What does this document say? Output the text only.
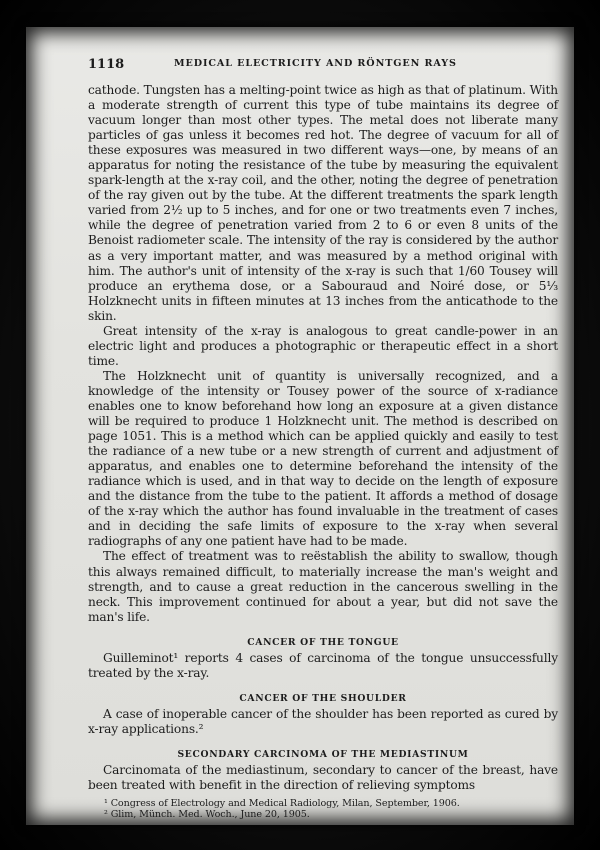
1118	MEDICAL ELECTRICITY AND RÖNTGEN RAYS

cathode. Tungsten has a melting-point twice as high as that of platinum. With a moderate strength of current this type of tube maintains its degree of vacuum longer than most other types. The metal does not liberate many particles of gas unless it becomes red hot. The degree of vacuum for all of these exposures was measured in two different ways—one, by means of an apparatus for noting the resistance of the tube by measuring the equivalent spark-length at the x-ray coil, and the other, noting the degree of penetration of the ray given out by the tube. At the different treatments the spark length varied from 2½ up to 5 inches, and for one or two treatments even 7 inches, while the degree of penetration varied from 2 to 6 or even 8 units of the Benoist radiometer scale. The intensity of the ray is considered by the author as a very important matter, and was measured by a method original with him. The author's unit of intensity of the x-ray is such that 1/60 Tousey will produce an erythema dose, or a Sabouraud and Noiré dose, or 5⅓ Holzknecht units in fifteen minutes at 13 inches from the anticathode to the skin.

Great intensity of the x-ray is analogous to great candle-power in an electric light and produces a photographic or therapeutic effect in a short time.

The Holzknecht unit of quantity is universally recognized, and a knowledge of the intensity or Tousey power of the source of x-radiance enables one to know beforehand how long an exposure at a given distance will be required to produce 1 Holzknecht unit. The method is described on page 1051. This is a method which can be applied quickly and easily to test the radiance of a new tube or a new strength of current and adjustment of apparatus, and enables one to determine beforehand the intensity of the radiance which is used, and in that way to decide on the length of exposure and the distance from the tube to the patient. It affords a method of dosage of the x-ray which the author has found invaluable in the treatment of cases and in deciding the safe limits of exposure to the x-ray when several radiographs of any one patient have had to be made.

The effect of treatment was to reëstablish the ability to swallow, though this always remained difficult, to materially increase the man's weight and strength, and to cause a great reduction in the cancerous swelling in the neck. This improvement continued for about a year, but did not save the man's life.

CANCER OF THE TONGUE

Guilleminot¹ reports 4 cases of carcinoma of the tongue unsuccessfully treated by the x-ray.

CANCER OF THE SHOULDER

A case of inoperable cancer of the shoulder has been reported as cured by x-ray applications.²

SECONDARY CARCINOMA OF THE MEDIASTINUM

Carcinomata of the mediastinum, secondary to cancer of the breast, have been treated with benefit in the direction of relieving symptoms

¹ Congress of Electrology and Medical Radiology, Milan, September, 1906.

² Glim, Münch. Med. Woch., June 20, 1905.
